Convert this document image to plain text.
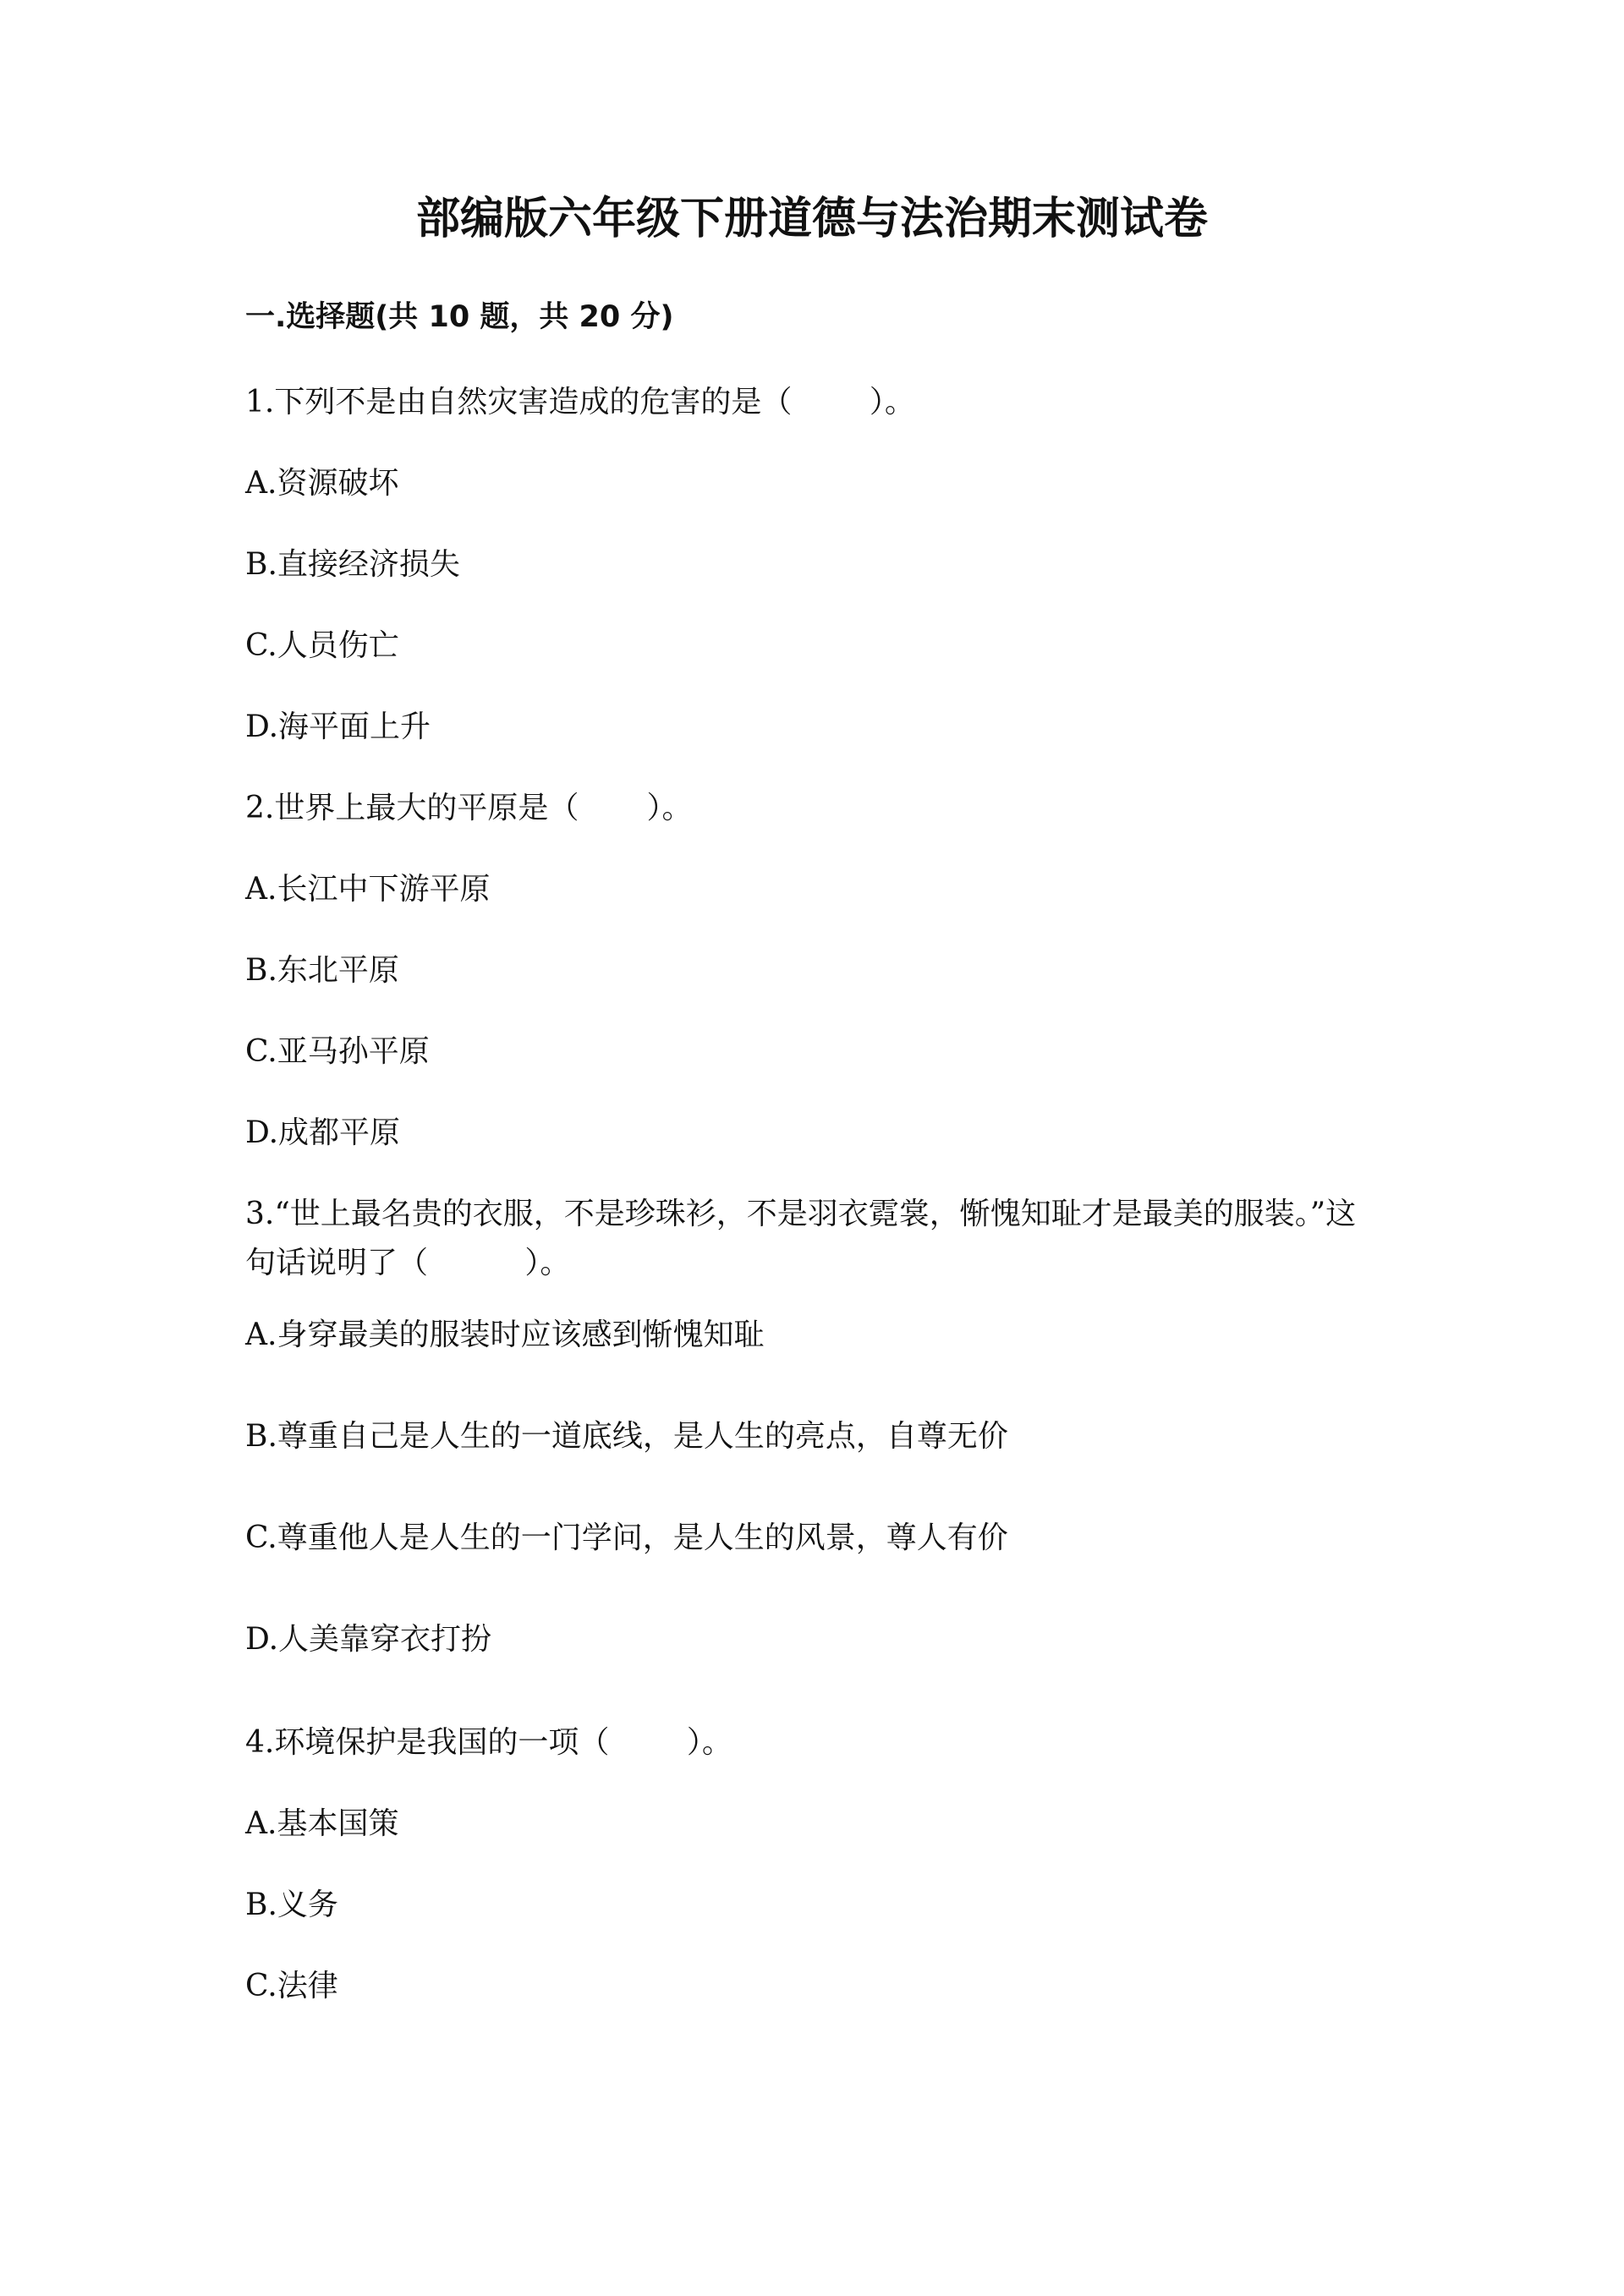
部编版六年级下册道德与法治期末测试卷
一.选择题(共 10 题，共 20 分)

1.下列不是由自然灾害造成的危害的是（        ）。

A.资源破坏

B.直接经济损失

C.人员伤亡

D.海平面上升

2.世界上最大的平原是（       ）。

A.长江中下游平原

B.东北平原

C.亚马孙平原

D.成都平原

3.“世上最名贵的衣服，不是珍珠衫，不是羽衣霓裳，惭愧知耻才是最美的服装。”这句话说明了（          ）。

A.身穿最美的服装时应该感到惭愧知耻

B.尊重自己是人生的一道底线，是人生的亮点，自尊无价

C.尊重他人是人生的一门学问，是人生的风景，尊人有价

D.人美靠穿衣打扮

4.环境保护是我国的一项（        ）。

A.基本国策

B.义务

C.法律
